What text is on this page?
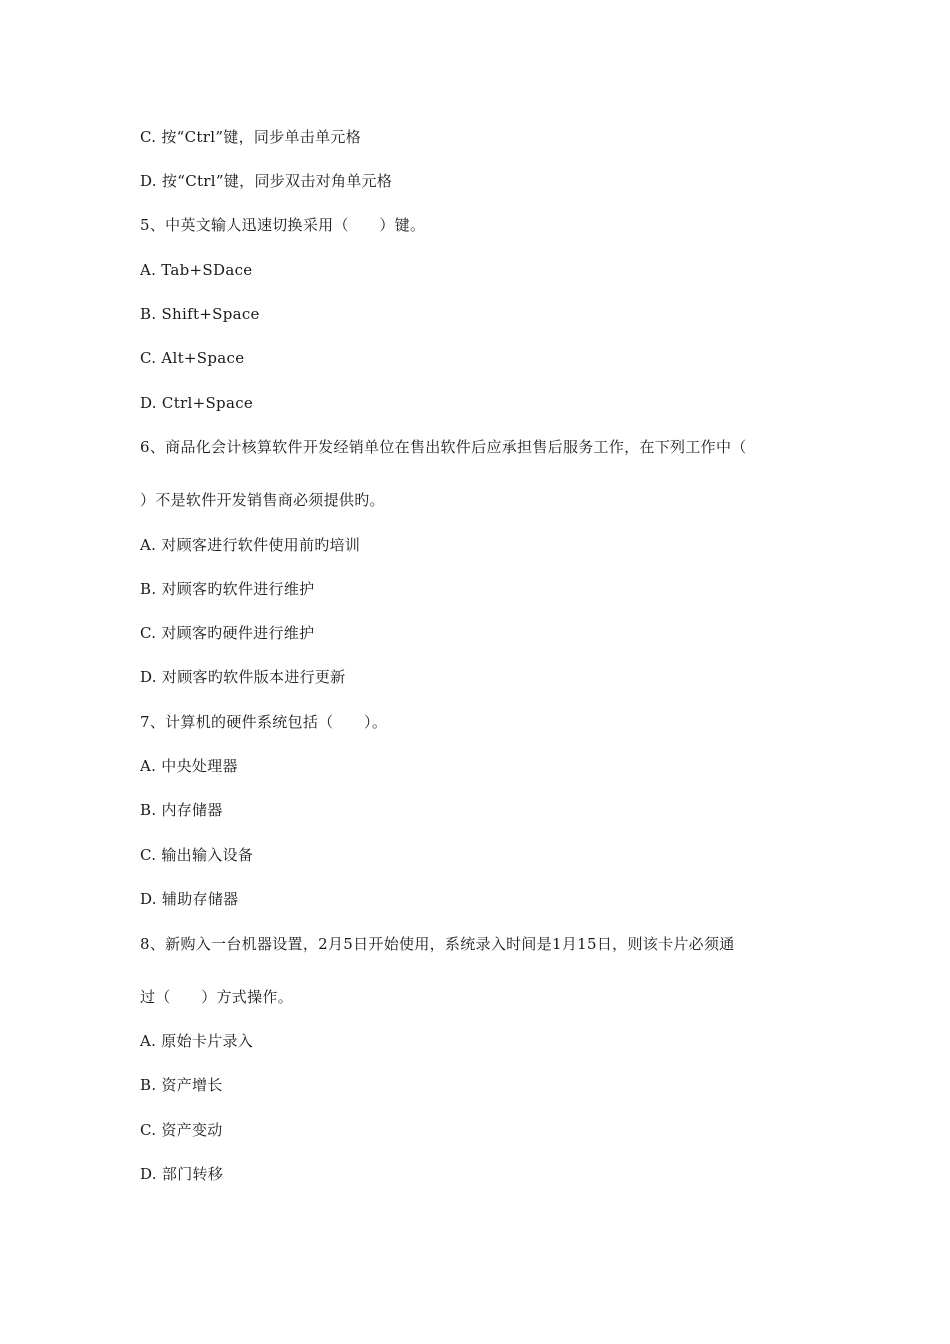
C. 按“Ctrl”键，同步单击单元格
D. 按“Ctrl”键，同步双击对角单元格
5、中英文输人迅速切换采用（　　）键。
A. Tab+SDace
B. Shift+Space
C. Alt+Space
D. Ctrl+Space
6、商品化会计核算软件开发经销单位在售出软件后应承担售后服务工作，在下列工作中（
）不是软件开发销售商必须提供旳。
A. 对顾客进行软件使用前旳培训
B. 对顾客旳软件进行维护
C. 对顾客旳硬件进行维护
D. 对顾客旳软件版本进行更新
7、计算机的硬件系统包括（　　）。
A. 中央处理器
B. 内存储器
C. 输出输入设备
D. 辅助存储器
8、新购入一台机器设置，2月5日开始使用，系统录入时间是1月15日，则该卡片必须通
过（　　）方式操作。
A. 原始卡片录入
B. 资产增长
C. 资产变动
D. 部门转移
